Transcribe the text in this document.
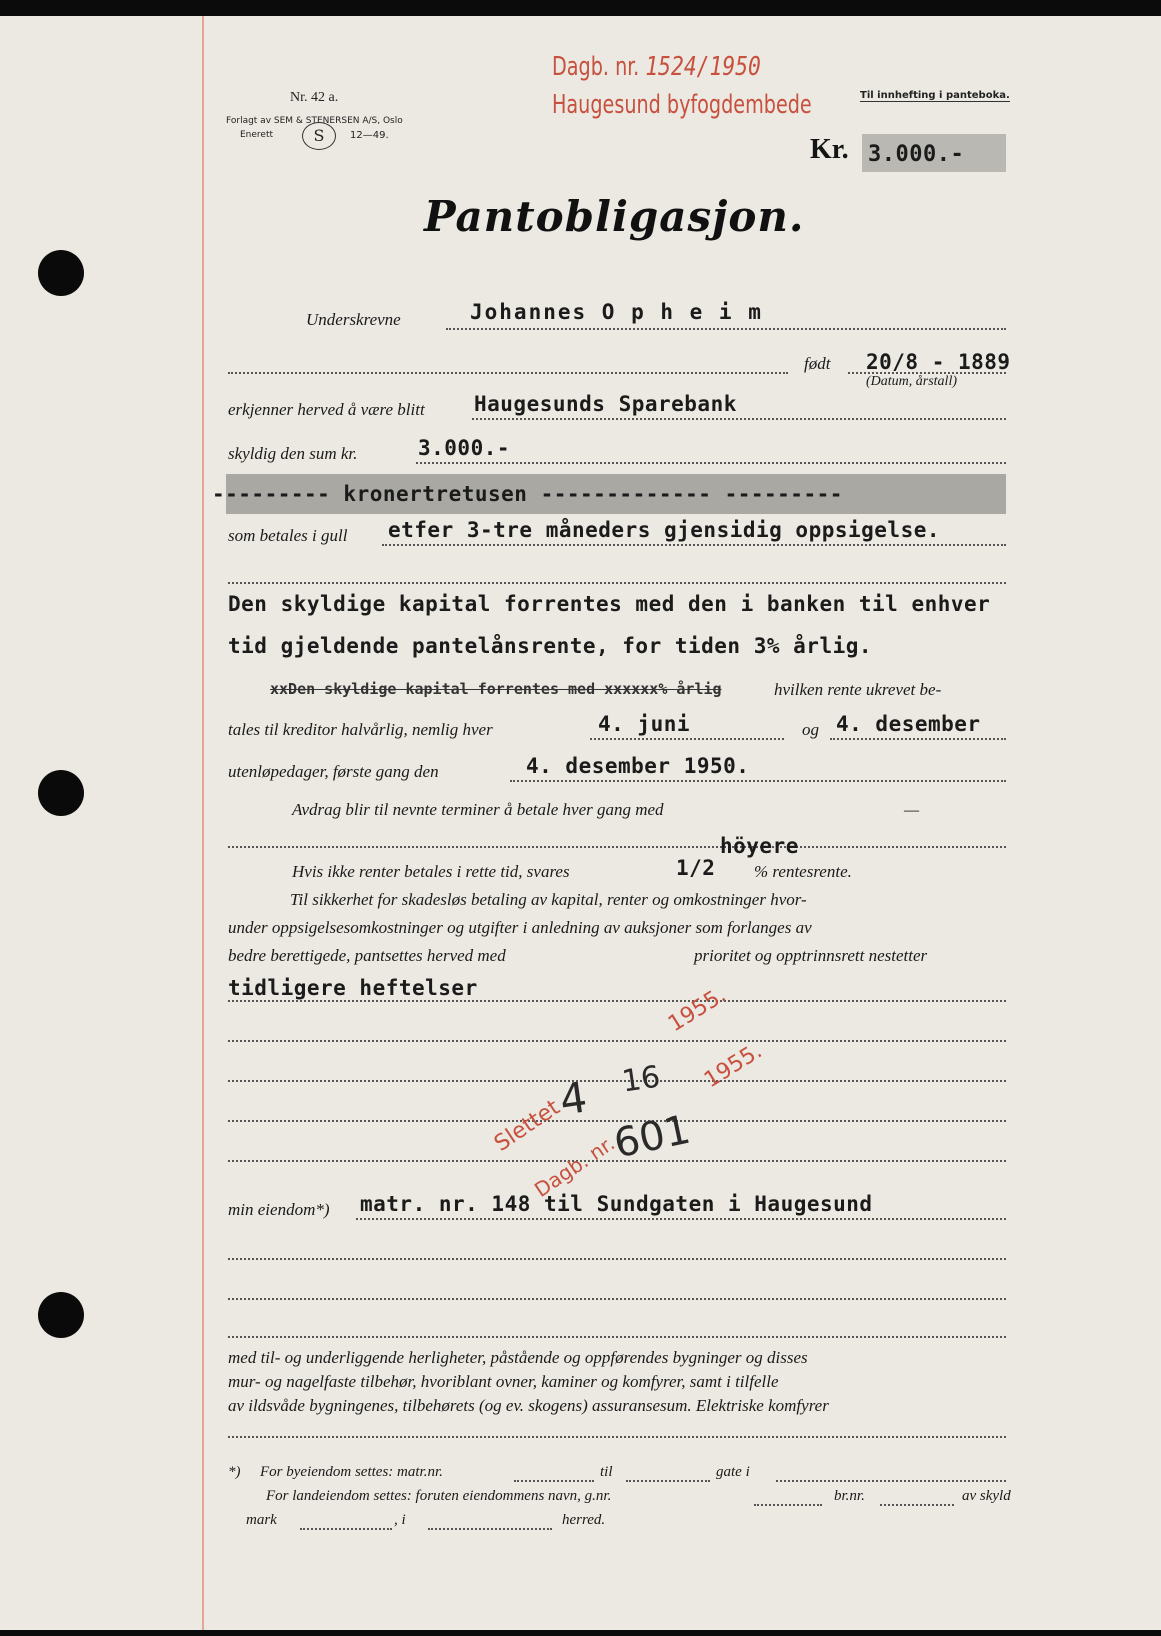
Nr. 42 a.
Forlagt av SEM & STENERSEN A/S, Oslo
Enerett	S	12—49.
Dagb. nr. 1524/1950
Haugesund byfogdembede	Til innhefting i panteboka.
Kr. 3.000.-
Pantobligasjon.
Underskrevne	Johannes O p h e i m
født 20/8 - 1889
(Datum, årstall)
erkjenner herved å være blitt Haugesunds Sparebank
skyldig den sum kr.	3.000.-
--------- kronertretusen ------------- ---------
som betales i gull etfer 3-tre måneders gjensidig oppsigelse.
Den skyldige kapital forrentes med den i banken til enhver
tid gjeldende pantelånsrente, for tiden 3% årlig.
xxDen skyldige kapital forrentes med xxxxxx% årlig	hvilken rente ukrevet be-
tales til kreditor halvårlig, nemlig hver	4. juni	og 4. desember
utenløpedager, første gang den	4. desember 1950.
Avdrag blir til nevnte terminer å betale hver gang med	—
höyere
Hvis ikke renter betales i rette tid, svares	1/2 % rentesrente.
Til sikkerhet for skadesløs betaling av kapital, renter og omkostninger hvor-
under oppsigelsesomkostninger og utgifter i anledning av auksjoner som forlanges av
bedre berettigede, pantsettes herved med	prioritet og opptrinnsrett nestetter
tidligere heftelser
Slettet
Dagb. nr.
4 16
1955.
601
1955.
min eiendom*) matr. nr. 148 til Sundgaten i Haugesund
med til- og underliggende herligheter, påstående og oppførendes bygninger og disses
mur- og nagelfaste tilbehør, hvoriblant ovner, kaminer og komfyrer, samt i tilfelle
av ildsvåde bygningenes, tilbehørets (og ev. skogens) assuransesum. Elektriske komfyrer
*) For byeiendom settes: matr.nr.	til	gate i
For landeiendom settes: foruten eiendommens navn, g.nr.	br.nr.	av skyld
mark	, i	herred.
